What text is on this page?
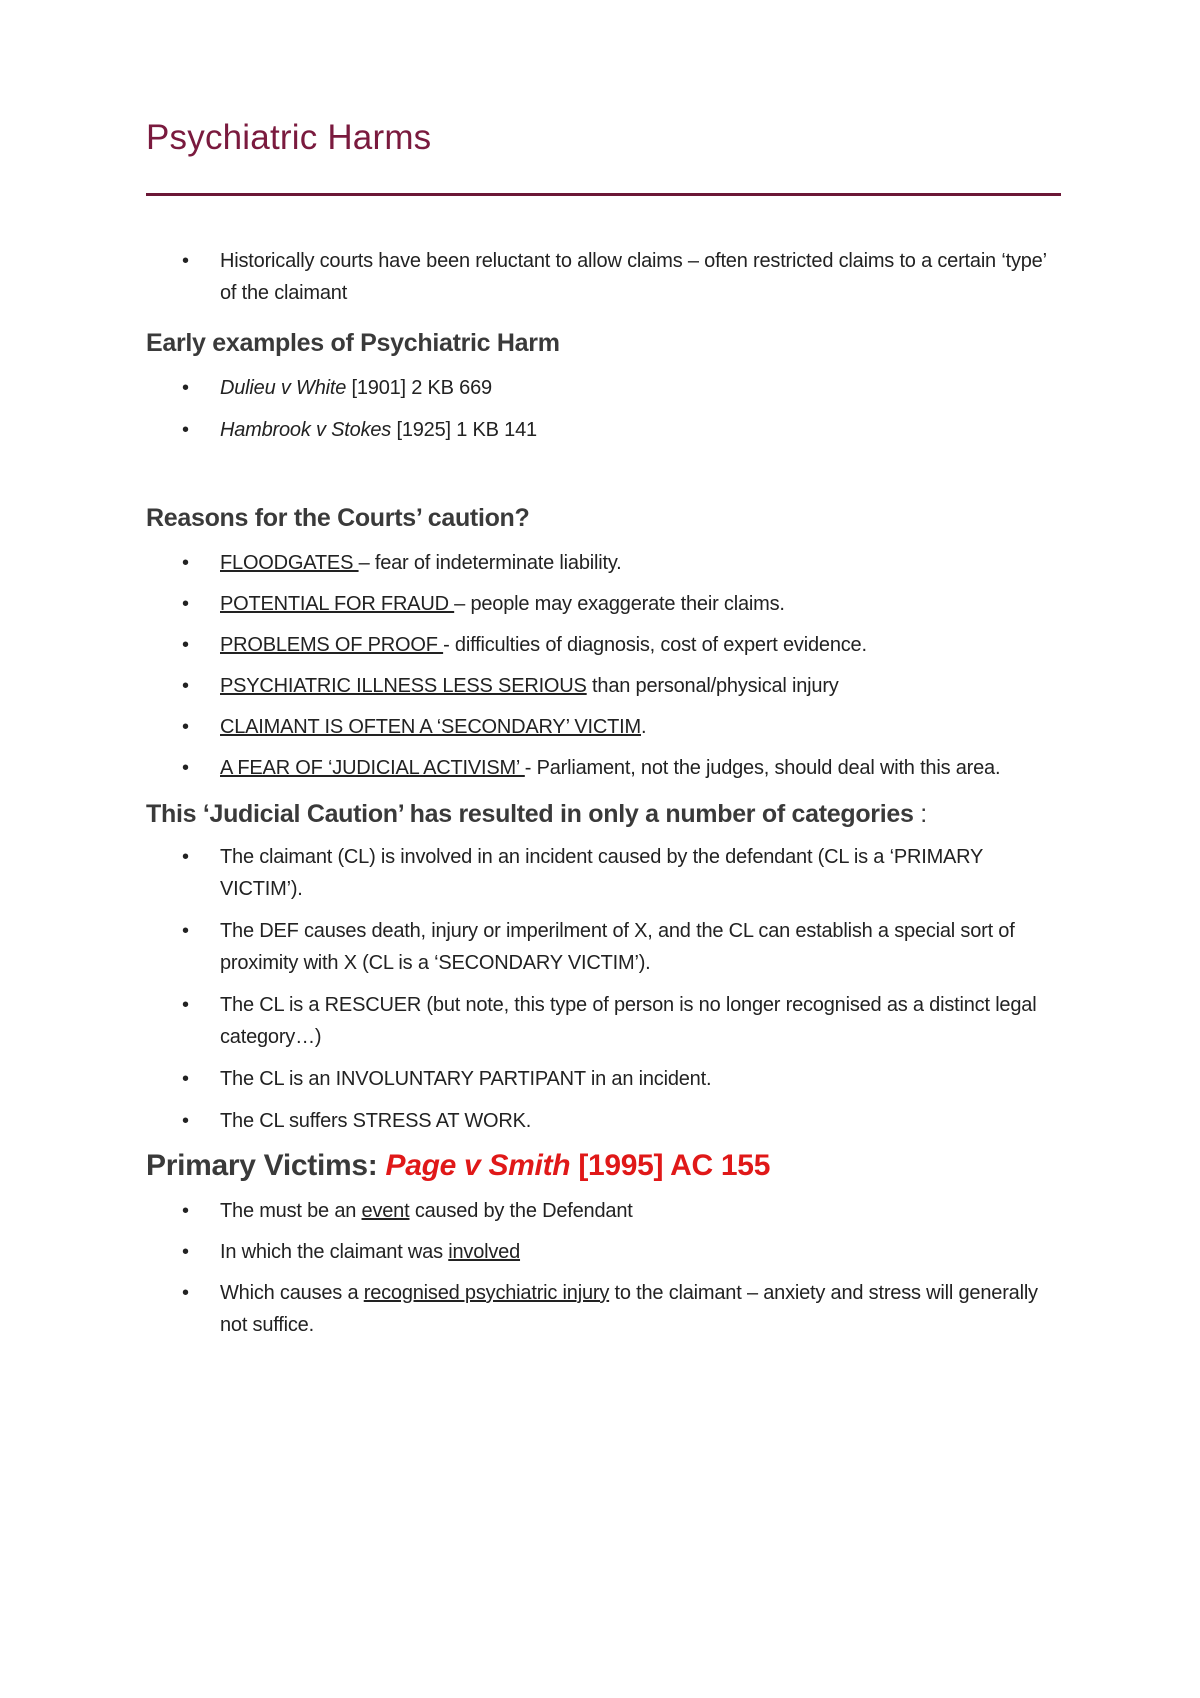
Psychiatric Harms
• Historically courts have been reluctant to allow claims – often restricted claims to a certain ‘type’ of the claimant
Early examples of Psychiatric Harm
• Dulieu v White [1901] 2 KB 669
• Hambrook v Stokes [1925] 1 KB 141
Reasons for the Courts’ caution?
• FLOODGATES – fear of indeterminate liability.
• POTENTIAL FOR FRAUD – people may exaggerate their claims.
• PROBLEMS OF PROOF - difficulties of diagnosis, cost of expert evidence.
• PSYCHIATRIC ILLNESS LESS SERIOUS than personal/physical injury
• CLAIMANT IS OFTEN A ‘SECONDARY’ VICTIM.
• A FEAR OF ‘JUDICIAL ACTIVISM’ - Parliament, not the judges, should deal with this area.
This ‘Judicial Caution’ has resulted in only a number of categories :
• The claimant (CL) is involved in an incident caused by the defendant (CL is a ‘PRIMARY VICTIM’).
• The DEF causes death, injury or imperilment of X, and the CL can establish a special sort of proximity with X (CL is a ‘SECONDARY VICTIM’).
• The CL is a RESCUER (but note, this type of person is no longer recognised as a distinct legal category…)
• The CL is an INVOLUNTARY PARTIPANT in an incident.
• The CL suffers STRESS AT WORK.
Primary Victims: Page v Smith [1995] AC 155
• The must be an event caused by the Defendant
• In which the claimant was involved
• Which causes a recognised psychiatric injury to the claimant – anxiety and stress will generally not suffice.
